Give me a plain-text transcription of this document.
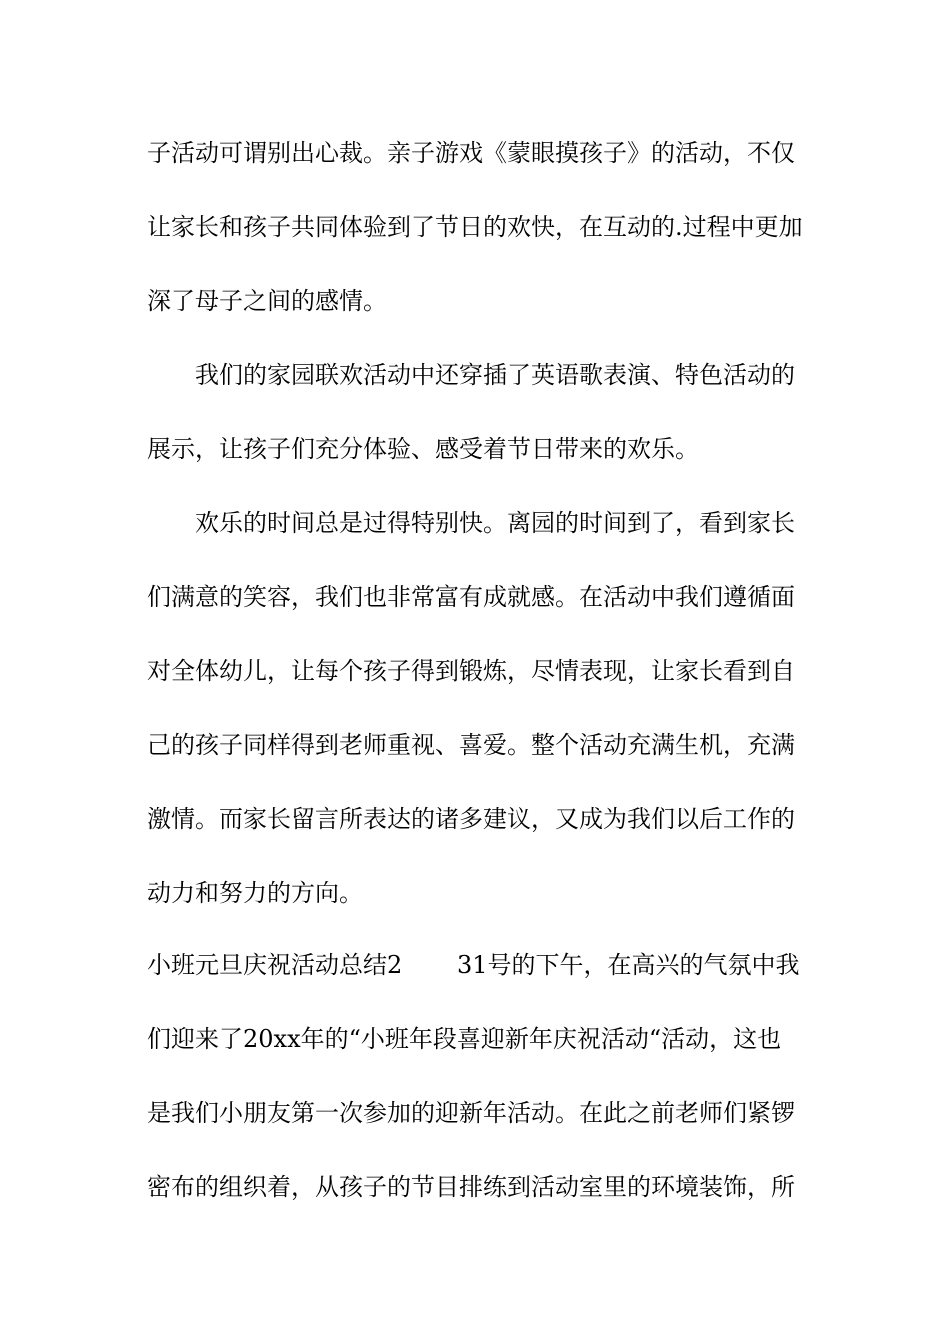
子活动可谓别出心裁。亲子游戏《蒙眼摸孩子》的活动，不仅
让家长和孩子共同体验到了节日的欢快，在互动的.过程中更加
深了母子之间的感情。
我们的家园联欢活动中还穿插了英语歌表演、特色活动的
展示，让孩子们充分体验、感受着节日带来的欢乐。
欢乐的时间总是过得特别快。离园的时间到了，看到家长
们满意的笑容，我们也非常富有成就感。在活动中我们遵循面
对全体幼儿，让每个孩子得到锻炼，尽情表现，让家长看到自
己的孩子同样得到老师重视、喜爱。整个活动充满生机，充满
激情。而家长留言所表达的诸多建议，又成为我们以后工作的
动力和努力的方向。
小班元旦庆祝活动总结2	31号的下午，在高兴的气氛中我
们迎来了20xx年的“小班年段喜迎新年庆祝活动“活动，这也
是我们小朋友第一次参加的迎新年活动。在此之前老师们紧锣
密布的组织着，从孩子的节目排练到活动室里的环境装饰，所
